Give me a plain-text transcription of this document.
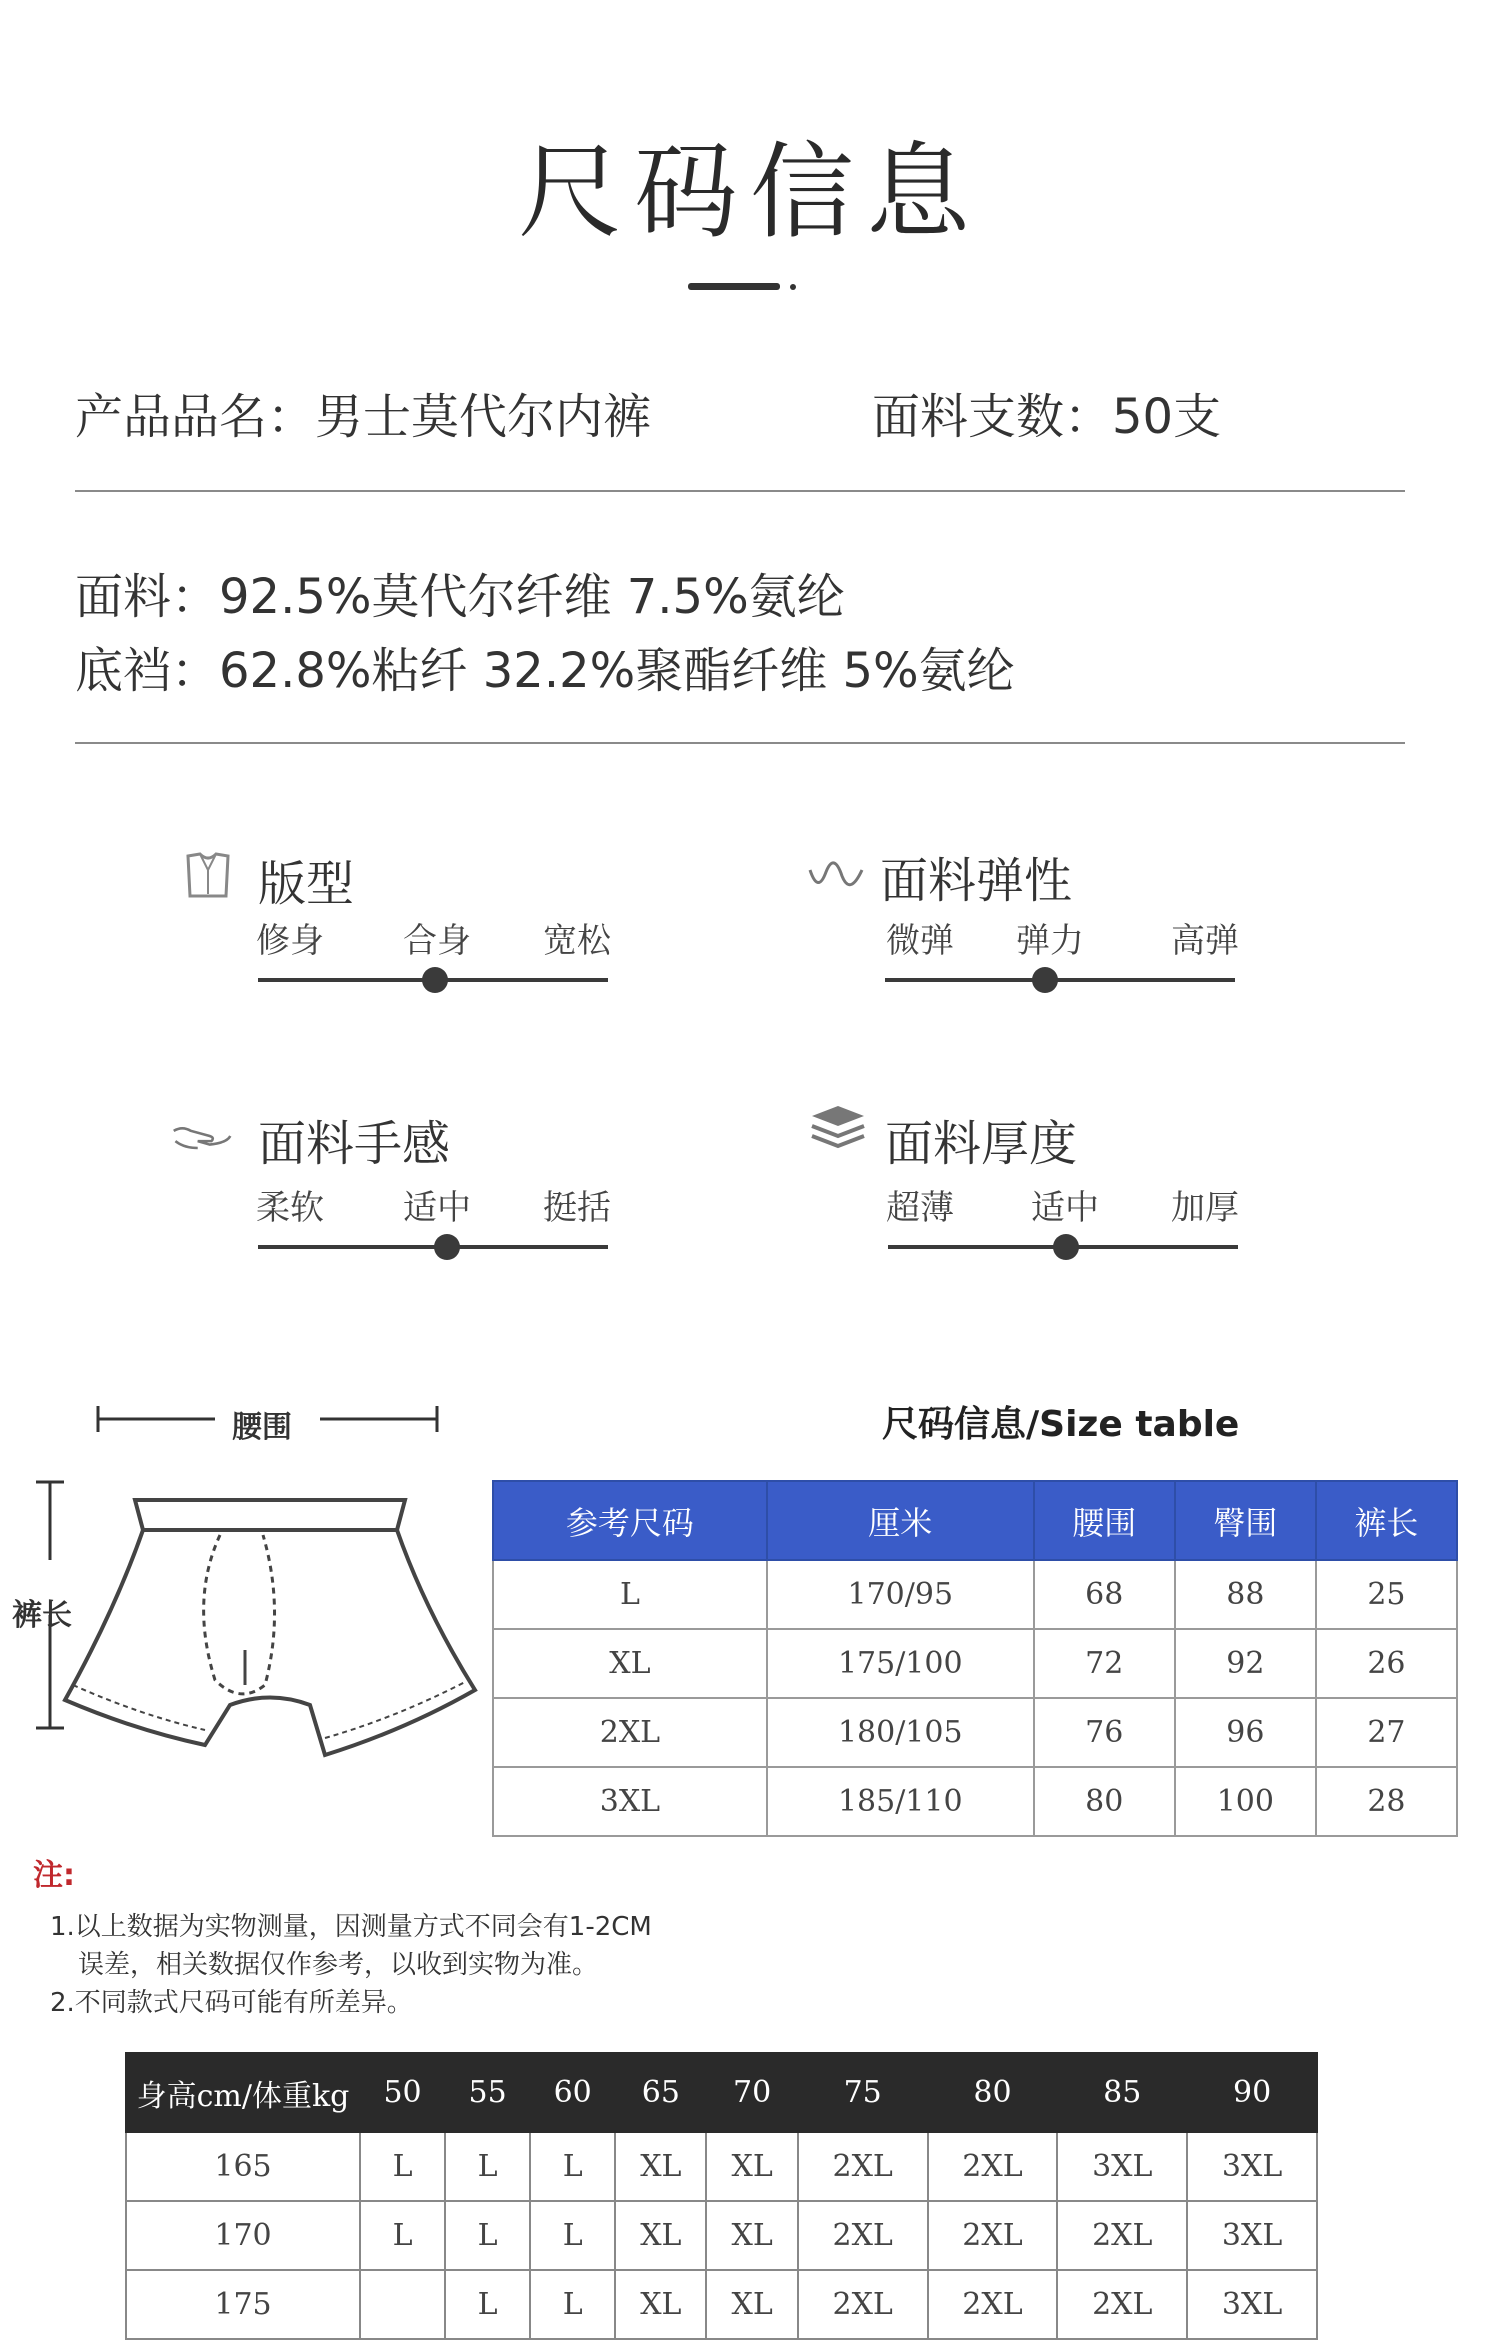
尺码信息
产品品名：男士莫代尔内裤	面料支数：50支
面料：92.5%莫代尔纤维 7.5%氨纶
底裆：62.8%粘纤 32.2%聚酯纤维 5%氨纶
版型
修身	合身	宽松
面料弹性
微弹	弹力	高弹
面料手感
柔软	适中	挺括
面料厚度
超薄	适中	加厚
腰围
裤长
尺码信息/Size table
参考尺码	厘米	腰围	臀围	裤长
L	170/95	68	88	25
XL	175/100	72	92	26
2XL	180/105	76	96	27
3XL	185/110	80	100	28
注:
1.以上数据为实物测量，因测量方式不同会有1-2CM
误差，相关数据仅作参考，以收到实物为准。
2.不同款式尺码可能有所差异。
身高cm/体重kg	50	55	60	65	70	75	80	85	90
165	L	L	L	XL	XL	2XL	2XL	3XL	3XL
170	L	L	L	XL	XL	2XL	2XL	2XL	3XL
175		L	L	XL	XL	2XL	2XL	2XL	3XL
